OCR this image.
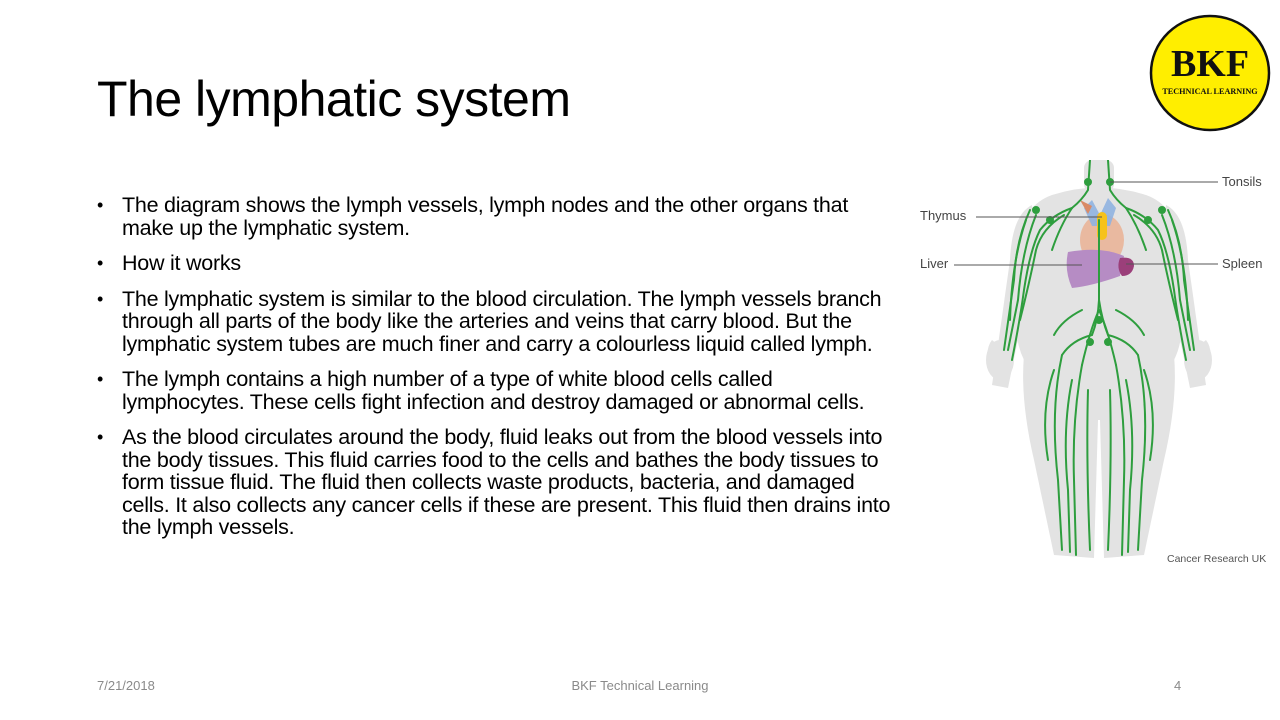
The lymphatic system
BKF
TECHNICAL LEARNING
• The diagram shows the lymph vessels, lymph nodes and the other organs that make up the lymphatic system.
• How it works
• The lymphatic system is similar to the blood circulation. The lymph vessels branch through all parts of the body like the arteries and veins that carry blood. But the lymphatic system tubes are much finer and carry a colourless liquid called lymph.
• The lymph contains a high number of a type of white blood cells called lymphocytes. These cells fight infection and destroy damaged or abnormal cells.
• As the blood circulates around the body, fluid leaks out from the blood vessels into the body tissues. This fluid carries food to the cells and bathes the body tissues to form tissue fluid. The fluid then collects waste products, bacteria, and damaged cells. It also collects any cancer cells if these are present. This fluid then drains into the lymph vessels.
Tonsils
Thymus
Liver	Spleen
Cancer Research UK
7/21/2018	BKF Technical Learning	4
